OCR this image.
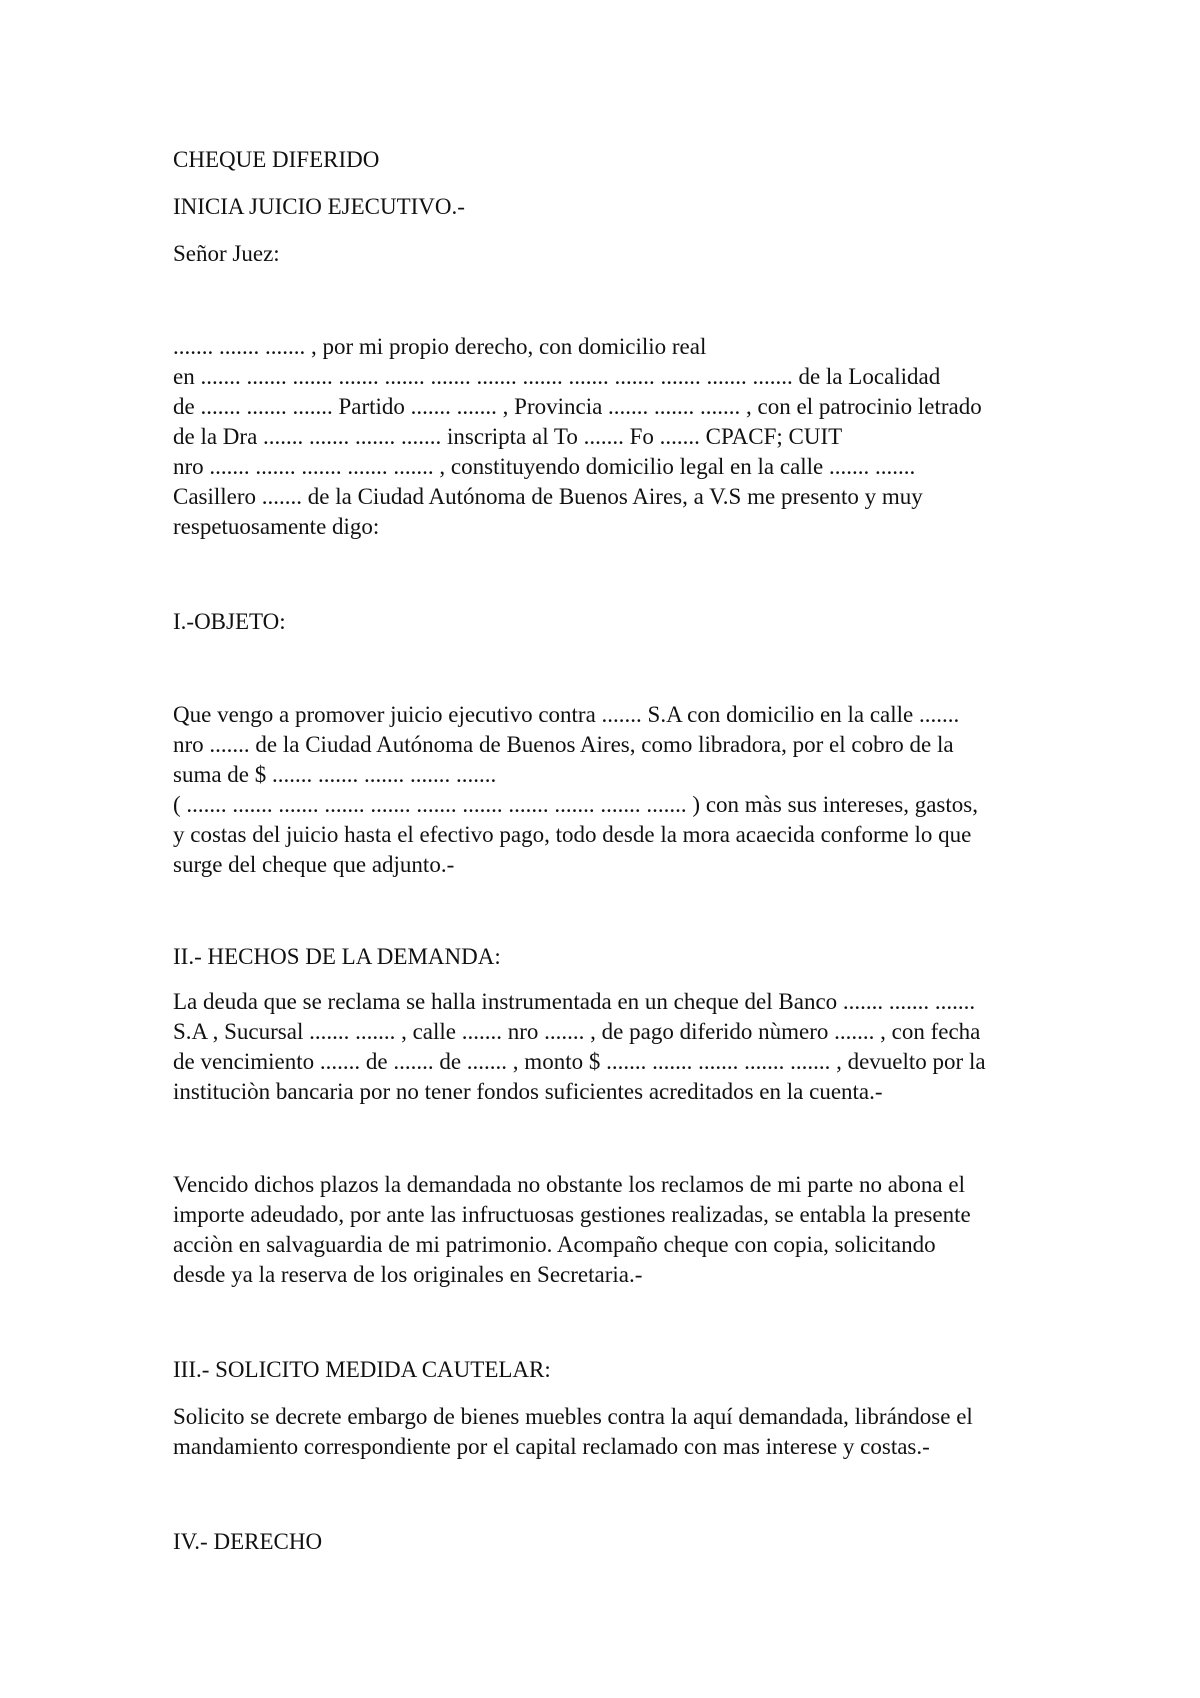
CHEQUE DIFERIDO
INICIA JUICIO EJECUTIVO.-
Señor Juez:
....... ....... ....... , por mi propio derecho, con domicilio real
en ....... ....... ....... ....... ....... ....... ....... ....... ....... ....... ....... ....... ....... de la Localidad
de ....... ....... ....... Partido ....... ....... , Provincia ....... ....... ....... , con el patrocinio letrado
de la Dra ....... ....... ....... ....... inscripta al To ....... Fo ....... CPACF; CUIT
nro ....... ....... ....... ....... ....... , constituyendo domicilio legal en la calle ....... .......
Casillero ....... de la Ciudad Autónoma de Buenos Aires, a V.S me presento y muy
respetuosamente digo:
I.-OBJETO:
Que vengo a promover juicio ejecutivo contra ....... S.A con domicilio en la calle .......
nro ....... de la Ciudad Autónoma de Buenos Aires, como libradora, por el cobro de la
suma de $ ....... ....... ....... ....... .......
( ....... ....... ....... ....... ....... ....... ....... ....... ....... ....... ....... ) con màs sus intereses, gastos,
y costas del juicio hasta el efectivo pago, todo desde la mora acaecida conforme lo que
surge del cheque que adjunto.-
II.- HECHOS DE LA DEMANDA:
La deuda que se reclama se halla instrumentada en un cheque del Banco ....... ....... .......
S.A , Sucursal ....... ....... , calle ....... nro ....... , de pago diferido nùmero ....... , con fecha
de vencimiento ....... de ....... de ....... , monto $ ....... ....... ....... ....... ....... , devuelto por la
instituciòn bancaria por no tener fondos suficientes acreditados en la cuenta.-
Vencido dichos plazos la demandada no obstante los reclamos de mi parte no abona el
importe adeudado, por ante las infructuosas gestiones realizadas, se entabla la presente
acciòn en salvaguardia de mi patrimonio. Acompaño cheque con copia, solicitando
desde ya la reserva de los originales en Secretaria.-
III.- SOLICITO MEDIDA CAUTELAR:
Solicito se decrete embargo de bienes muebles contra la aquí demandada, librándose el
mandamiento correspondiente por el capital reclamado con mas interese y costas.-
IV.- DERECHO
